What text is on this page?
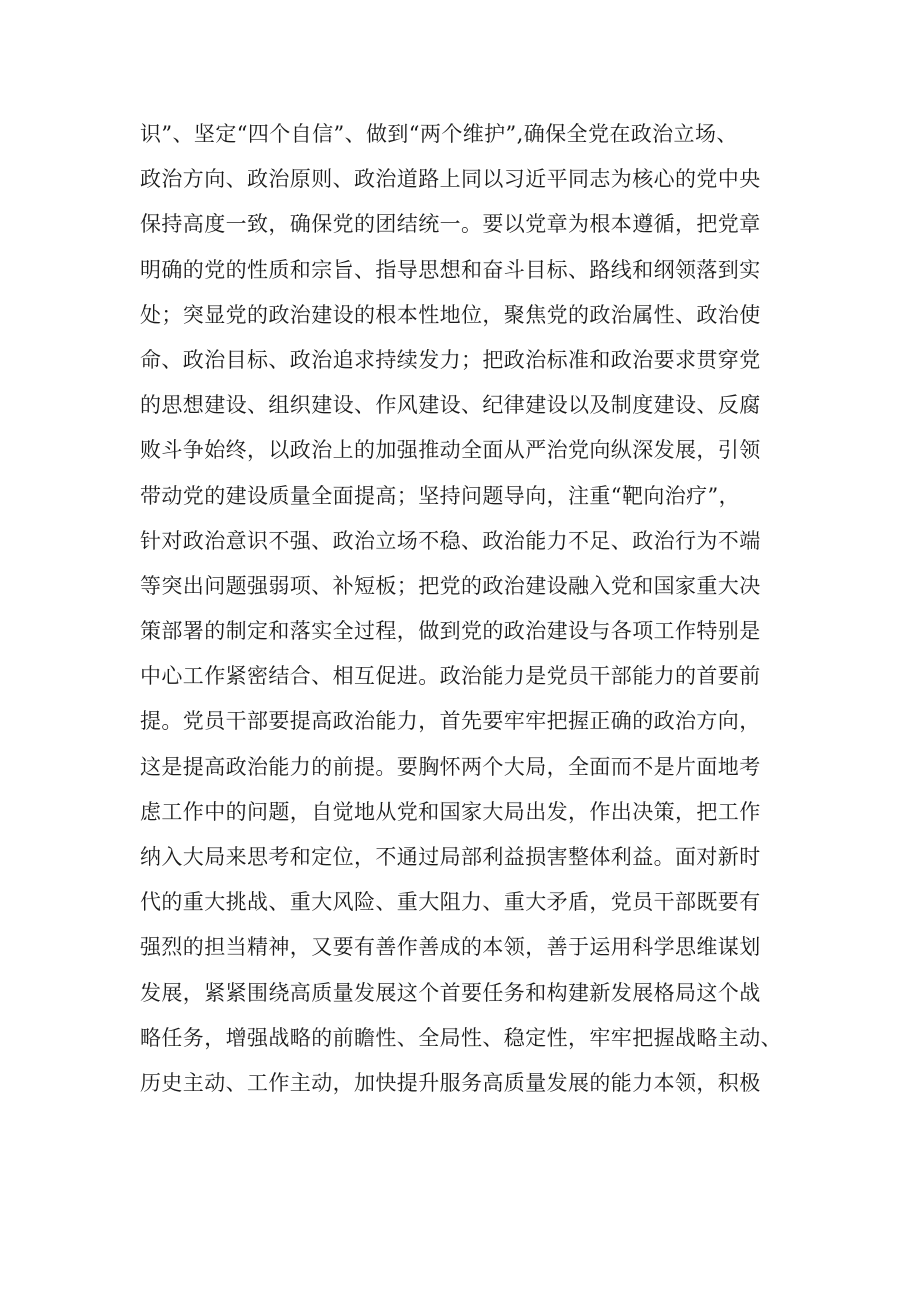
识”、坚定“四个自信”、做到“两个维护”,确保全党在政治立场、
政治方向、政治原则、政治道路上同以习近平同志为核心的党中央
保持高度一致，确保党的团结统一。要以党章为根本遵循，把党章
明确的党的性质和宗旨、指导思想和奋斗目标、路线和纲领落到实
处；突显党的政治建设的根本性地位，聚焦党的政治属性、政治使
命、政治目标、政治追求持续发力；把政治标准和政治要求贯穿党
的思想建设、组织建设、作风建设、纪律建设以及制度建设、反腐
败斗争始终，以政治上的加强推动全面从严治党向纵深发展，引领
带动党的建设质量全面提高；坚持问题导向，注重“靶向治疗”，
针对政治意识不强、政治立场不稳、政治能力不足、政治行为不端
等突出问题强弱项、补短板；把党的政治建设融入党和国家重大决
策部署的制定和落实全过程，做到党的政治建设与各项工作特别是
中心工作紧密结合、相互促进。政治能力是党员干部能力的首要前
提。党员干部要提高政治能力，首先要牢牢把握正确的政治方向，
这是提高政治能力的前提。要胸怀两个大局，全面而不是片面地考
虑工作中的问题，自觉地从党和国家大局出发，作出决策，把工作
纳入大局来思考和定位，不通过局部利益损害整体利益。面对新时
代的重大挑战、重大风险、重大阻力、重大矛盾，党员干部既要有
强烈的担当精神，又要有善作善成的本领，善于运用科学思维谋划
发展，紧紧围绕高质量发展这个首要任务和构建新发展格局这个战
略任务，增强战略的前瞻性、全局性、稳定性，牢牢把握战略主动、
历史主动、工作主动，加快提升服务高质量发展的能力本领，积极
